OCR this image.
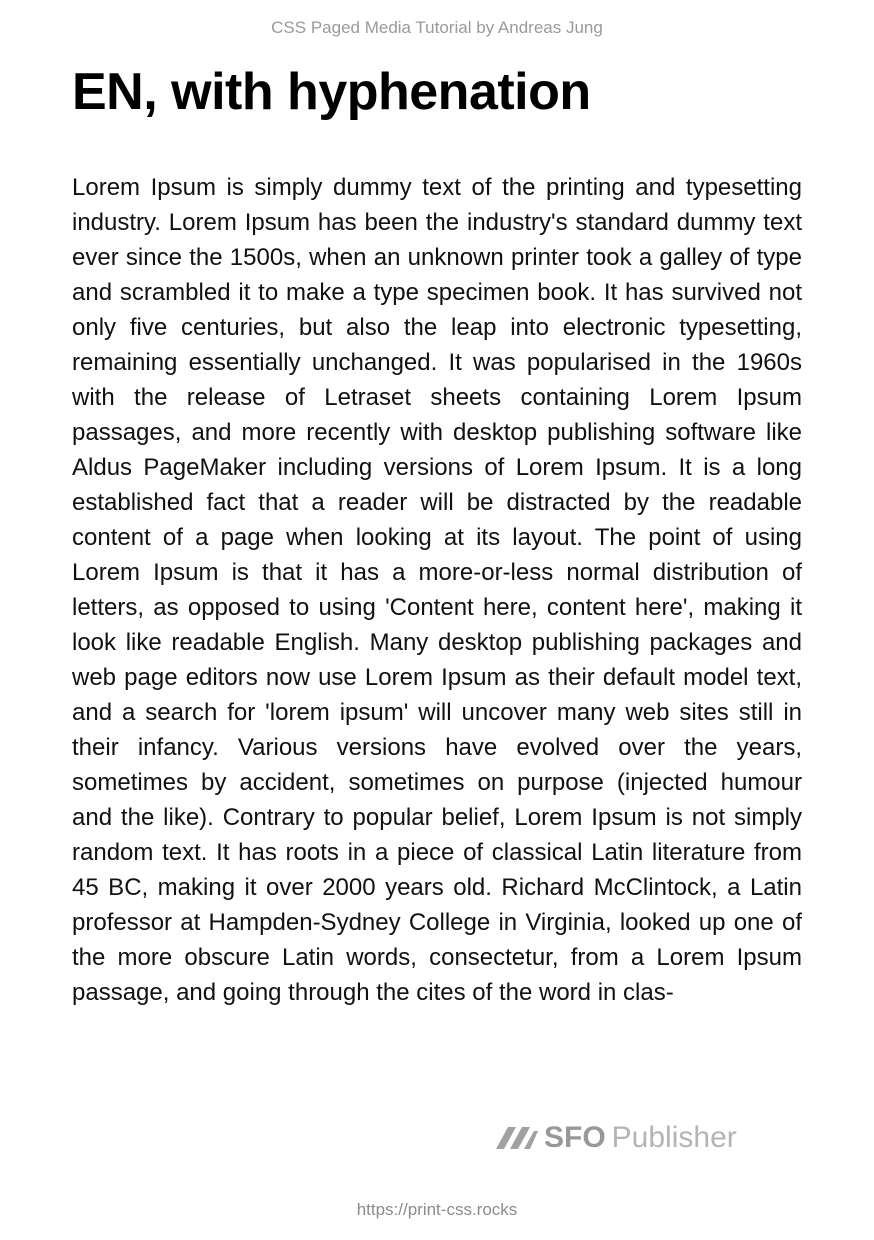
CSS Paged Media Tutorial by Andreas Jung
EN, with hyphenation

Lorem Ipsum is simply dummy text of the printing and typesetting industry. Lorem Ipsum has been the industry's standard dummy text ever since the 1500s, when an unknown printer took a galley of type and scrambled it to make a type specimen book. It has survived not only five centuries, but also the leap into electronic typesetting, remaining essentially unchanged. It was popularised in the 1960s with the release of Letraset sheets containing Lorem Ipsum passages, and more recently with desktop publishing software like Aldus PageMaker including versions of Lorem Ipsum. It is a long established fact that a reader will be distracted by the readable content of a page when looking at its layout. The point of using Lorem Ipsum is that it has a more-or-less normal distribution of letters, as opposed to using 'Content here, content here', making it look like readable English. Many desktop publishing packages and web page editors now use Lorem Ipsum as their default model text, and a search for 'lorem ipsum' will uncover many web sites still in their infancy. Various versions have evolved over the years, sometimes by accident, sometimes on purpose (injected humour and the like). Contrary to popular belief, Lorem Ipsum is not simply random text. It has roots in a piece of classical Latin literature from 45 BC, making it over 2000 years old. Richard McClintock, a Latin professor at Hampden-Sydney College in Virginia, looked up one of the more obscure Latin words, consectetur, from a Lorem Ipsum passage, and going through the cites of the word in clas-

SFO Publisher
https://print-css.rocks
